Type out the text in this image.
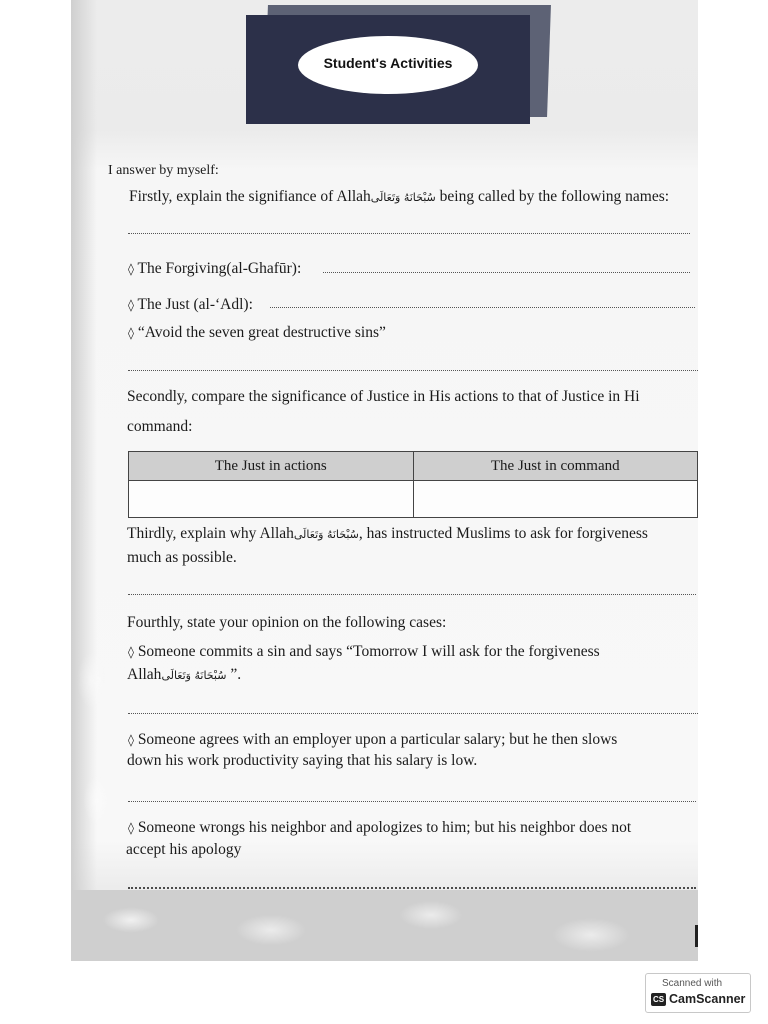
Student's Activities
I answer by myself:
Firstly, explain the signifiance of Allahسُبْحَانَهُ وَتَعَالَى being called by the following names:
◊ The Forgiving(al-Ghafūr):
◊ The Just (al-‘Adl):
◊ “Avoid the seven great destructive sins”
Secondly, compare the significance of Justice in His actions to that of Justice in Hi
command:
The Just in actions	The Just in command

Thirdly, explain why Allahسُبْحَانَهُ وَتَعَالَى, has instructed Muslims to ask for forgiveness
much as possible.
Fourthly, state your opinion on the following cases:
◊ Someone commits a sin and says “Tomorrow I will ask for the forgiveness
Allahسُبْحَانَهُ وَتَعَالَى ”.
◊ Someone agrees with an employer upon a particular salary; but he then slows
down his work productivity saying that his salary is low.
◊ Someone wrongs his neighbor and apologizes to him; but his neighbor does not
accept his apology
Scanned with
CS CamScanner
